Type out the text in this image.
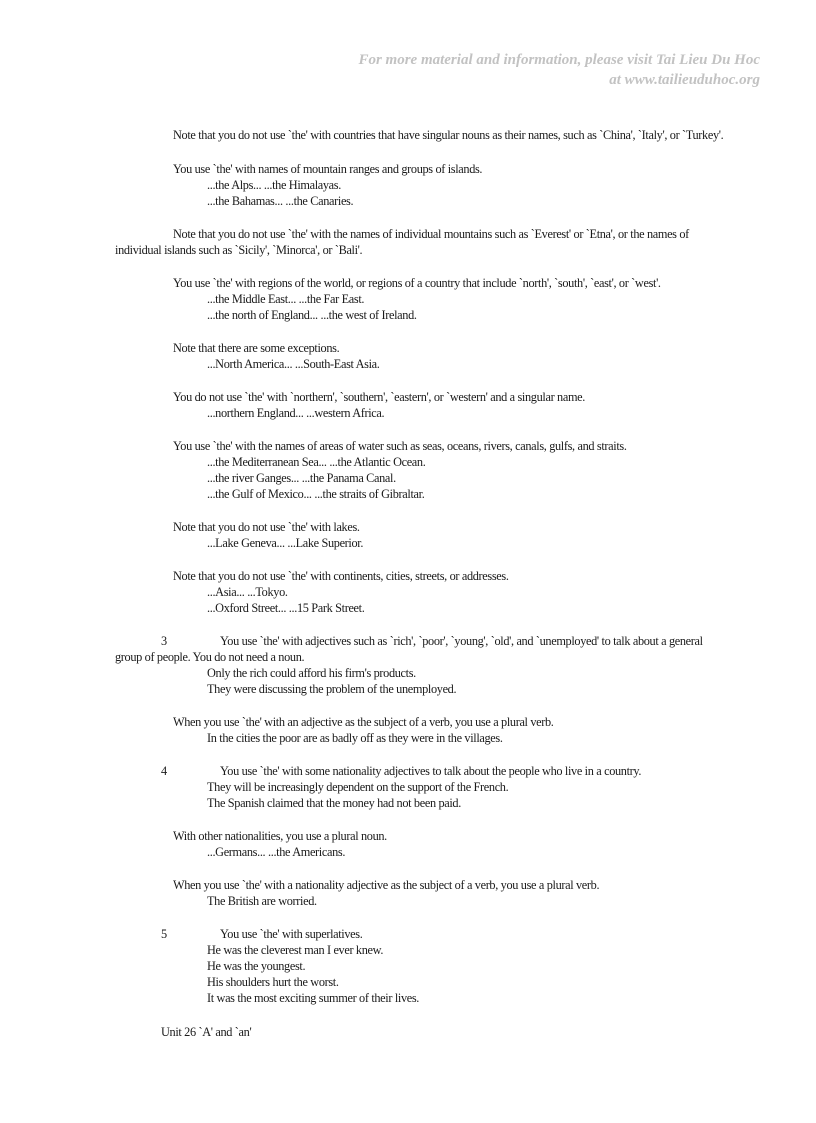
For more material and information, please visit Tai Lieu Du Hoc
at www.tailieuduhoc.org
Note that you do not use `the' with countries that have singular nouns as their names, such as `China', `Italy', or `Turkey'.
You use `the' with names of mountain ranges and groups of islands.
...the Alps... ...the Himalayas.
...the Bahamas... ...the Canaries.
Note that you do not use `the' with the names of individual mountains such as `Everest' or `Etna', or the names of
individual islands such as `Sicily', `Minorca', or `Bali'.
You use `the' with regions of the world, or regions of a country that include `north', `south', `east', or `west'.
...the Middle East... ...the Far East.
...the north of England... ...the west of Ireland.
Note that there are some exceptions.
...North America... ...South-East Asia.
You do not use `the' with `northern', `southern', `eastern', or `western' and a singular name.
...northern England... ...western Africa.
You use `the' with the names of areas of water such as seas, oceans, rivers, canals, gulfs, and straits.
...the Mediterranean Sea... ...the Atlantic Ocean.
...the river Ganges... ...the Panama Canal.
...the Gulf of Mexico... ...the straits of Gibraltar.
Note that you do not use `the' with lakes.
...Lake Geneva... ...Lake Superior.
Note that you do not use `the' with continents, cities, streets, or addresses.
...Asia... ...Tokyo.
...Oxford Street... ...15 Park Street.
3	You use `the' with adjectives such as `rich', `poor', `young', `old', and `unemployed' to talk about a general
group of people. You do not need a noun.
Only the rich could afford his firm's products.
They were discussing the problem of the unemployed.
When you use `the' with an adjective as the subject of a verb, you use a plural verb.
In the cities the poor are as badly off as they were in the villages.
4	You use `the' with some nationality adjectives to talk about the people who live in a country.
They will be increasingly dependent on the support of the French.
The Spanish claimed that the money had not been paid.
With other nationalities, you use a plural noun.
...Germans... ...the Americans.
When you use `the' with a nationality adjective as the subject of a verb, you use a plural verb.
The British are worried.
5	You use `the' with superlatives.
He was the cleverest man I ever knew.
He was the youngest.
His shoulders hurt the worst.
It was the most exciting summer of their lives.
Unit 26 `A' and `an'
